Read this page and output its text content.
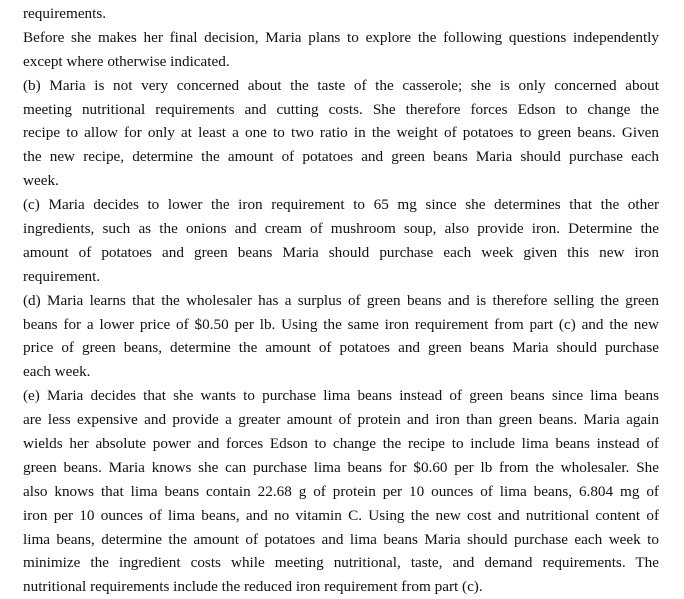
requirements.
Before she makes her final decision, Maria plans to explore the following questions independently
except where otherwise indicated.
(b) Maria is not very concerned about the taste of the casserole; she is only concerned about
meeting nutritional requirements and cutting costs. She therefore forces Edson to change the
recipe to allow for only at least a one to two ratio in the weight of potatoes to green beans. Given
the new recipe, determine the amount of potatoes and green beans Maria should purchase each
week.
(c) Maria decides to lower the iron requirement to 65 mg since she determines that the other
ingredients, such as the onions and cream of mushroom soup, also provide iron. Determine the
amount of potatoes and green beans Maria should purchase each week given this new iron
requirement.
(d) Maria learns that the wholesaler has a surplus of green beans and is therefore selling the green
beans for a lower price of $0.50 per lb. Using the same iron requirement from part (c) and the new
price of green beans, determine the amount of potatoes and green beans Maria should purchase
each week.
(e) Maria decides that she wants to purchase lima beans instead of green beans since lima beans
are less expensive and provide a greater amount of protein and iron than green beans. Maria again
wields her absolute power and forces Edson to change the recipe to include lima beans instead of
green beans. Maria knows she can purchase lima beans for $0.60 per lb from the wholesaler. She
also knows that lima beans contain 22.68 g of protein per 10 ounces of lima beans, 6.804 mg of
iron per 10 ounces of lima beans, and no vitamin C. Using the new cost and nutritional content of
lima beans, determine the amount of potatoes and lima beans Maria should purchase each week to
minimize the ingredient costs while meeting nutritional, taste, and demand requirements. The
nutritional requirements include the reduced iron requirement from part (c).
